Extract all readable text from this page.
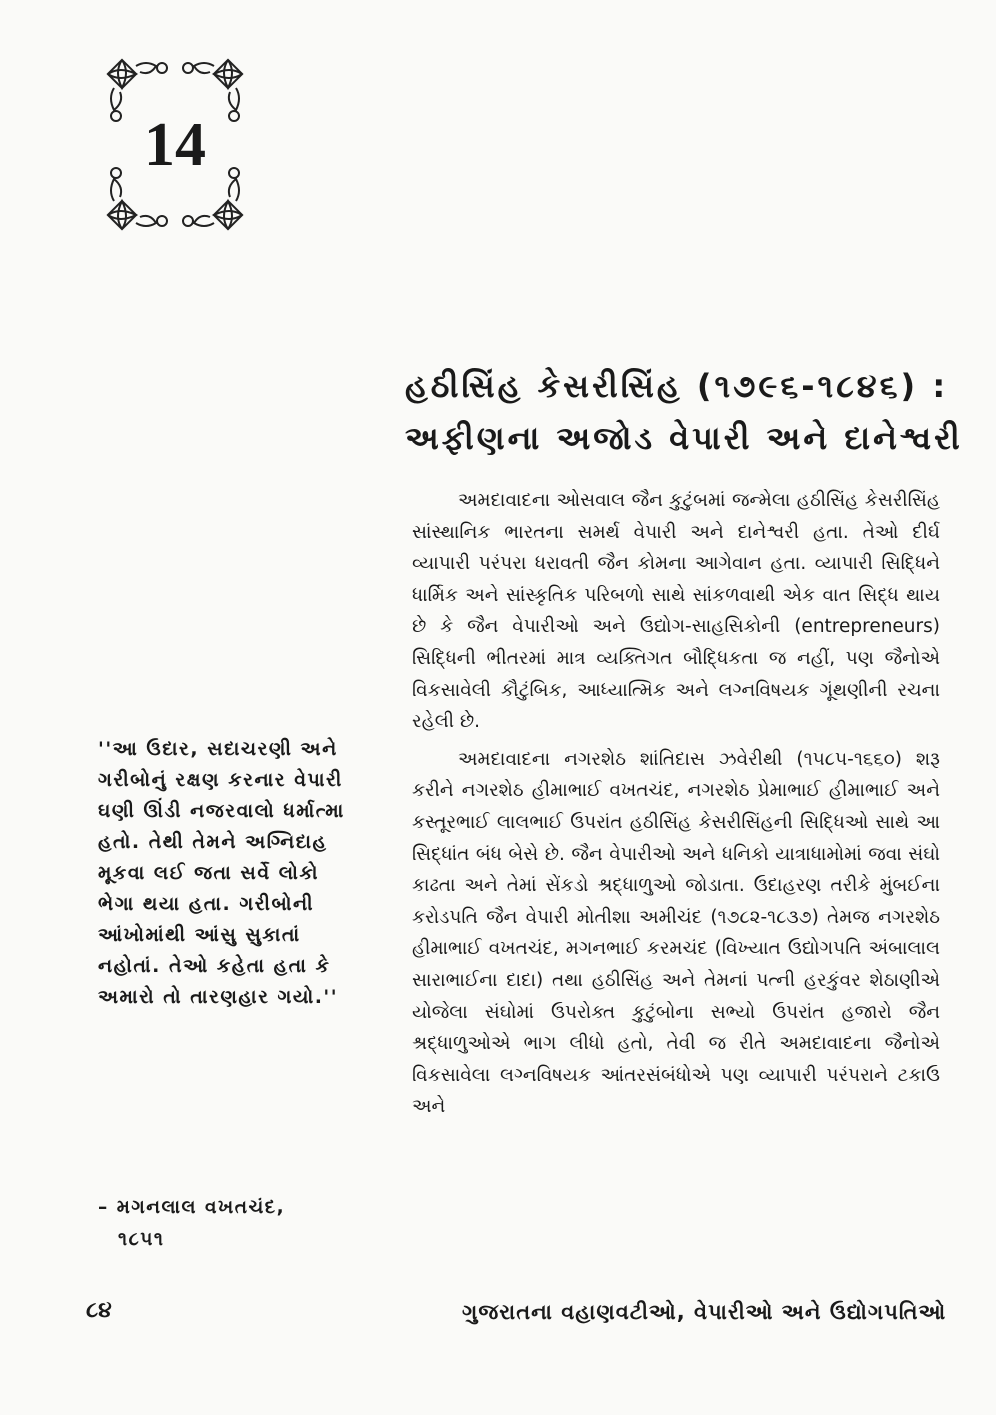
14
હઠીસિંહ કેસરીસિંહ (૧૭૯૬-૧૮૪૬) :
અફીણના અજોડ વેપારી અને દાનેશ્વરી

અમદાવાદના ઓસવાલ જૈન કુટુંબમાં જન્મેલા હઠીસિંહ કેસરીસિંહ સાંસ્થાનિક ભારતના સમર્થ વેપારી અને દાનેશ્વરી હતા. તેઓ દીર્ઘ વ્યાપારી પરંપરા ધરાવતી જૈન કોમના આગેવાન હતા. વ્યાપારી સિદ્ધિને ધાર્મિક અને સાંસ્કૃતિક પરિબળો સાથે સાંકળવાથી એક વાત સિદ્ધ થાય છે કે જૈન વેપારીઓ અને ઉદ્યોગ-સાહસિકોની (entrepreneurs) સિદ્ધિની ભીતરમાં માત્ર વ્યક્તિગત બૌદ્ધિકતા જ નહીં, પણ જૈનોએ વિકસાવેલી કૌટુંબિક, આધ્યાત્મિક અને લગ્નવિષયક ગૂંથણીની રચના રહેલી છે.

અમદાવાદના નગરશેઠ શાંતિદાસ ઝવેરીથી (૧૫૮૫-૧૬૬૦) શરૂ કરીને નગરશેઠ હીમાભાઈ વખતચંદ, નગરશેઠ પ્રેમાભાઈ હીમાભાઈ અને કસ્તૂરભાઈ લાલભાઈ ઉપરાંત હઠીસિંહ કેસરીસિંહની સિદ્ધિઓ સાથે આ સિદ્ધાંત બંધ બેસે છે. જૈન વેપારીઓ અને ધનિકો યાત્રાધામોમાં જવા સંઘો કાઢતા અને તેમાં સેંકડો શ્રદ્ધાળુઓ જોડાતા. ઉદાહરણ તરીકે મુંબઈના કરોડપતિ જૈન વેપારી મોતીશા અમીચંદ (૧૭૮૨-૧૮૩૭) તેમજ નગરશેઠ હીમાભાઈ વખતચંદ, મગનભાઈ કરમચંદ (વિખ્યાત ઉદ્યોગપતિ અંબાલાલ સારાભાઈના દાદા) તથા હઠીસિંહ અને તેમનાં પત્ની હરકુંવર શેઠાણીએ યોજેલા સંઘોમાં ઉપરોક્ત કુટુંબોના સભ્યો ઉપરાંત હજારો જૈન શ્રદ્ધાળુઓએ ભાગ લીધો હતો, તેવી જ રીતે અમદાવાદના જૈનોએ વિકસાવેલા લગ્નવિષયક આંતરસંબંધોએ પણ વ્યાપારી પરંપરાને ટકાઉ અને

''આ ઉદાર, સદાચરણી અને ગરીબોનું રક્ષણ કરનાર વેપારી ઘણી ઊંડી નજરવાલો ધર્માત્મા હતો. તેથી તેમને અગ્નિદાહ મૂકવા લઈ જતા સર્વે લોકો ભેગા થયા હતા. ગરીબોની આંખોમાંથી આંસુ સુકાતાં નહોતાં. તેઓ કહેતા હતા કે અમારો તો તારણહાર ગયો.''

– મગનલાલ વખતચંદ,
૧૮૫૧
૮૪	ગુજરાતના વહાણવટીઓ, વેપારીઓ અને ઉદ્યોગપતિઓ
